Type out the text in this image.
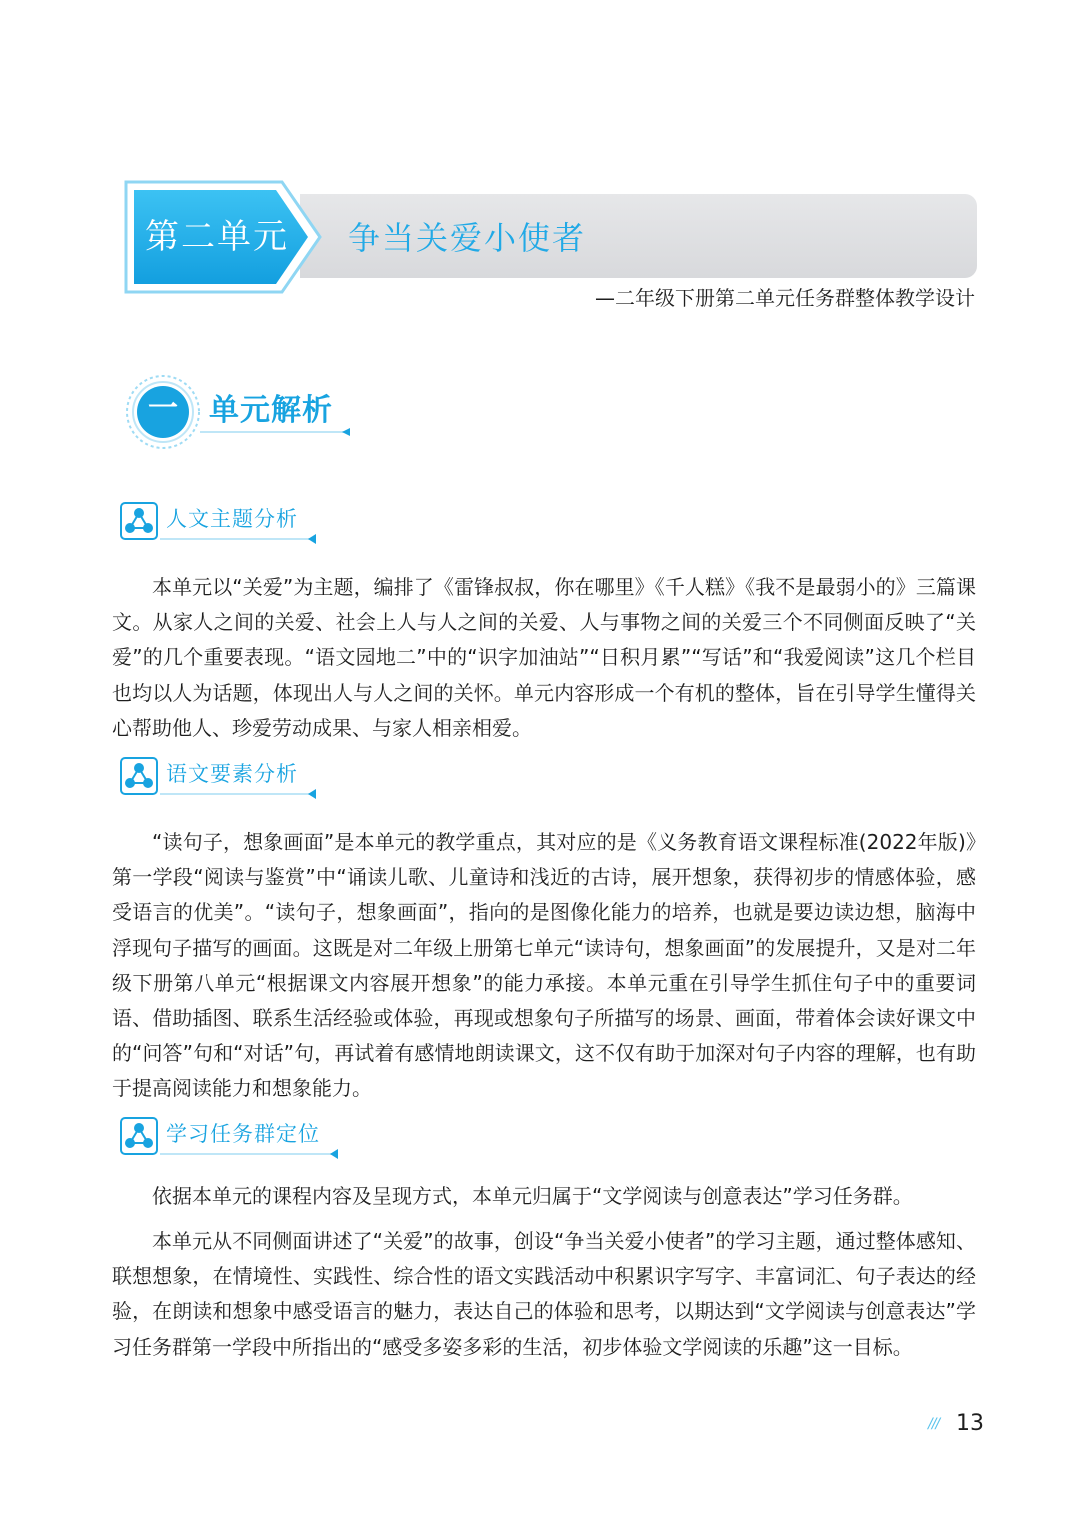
第二单元 争当关爱小使者
—二年级下册第二单元任务群整体教学设计
一	单元解析
人文主题分析

本单元以“关爱”为主题，编排了《雷锋叔叔，你在哪里》《千人糕》《我不是最弱小的》三篇课文。从家人之间的关爱、社会上人与人之间的关爱、人与事物之间的关爱三个不同侧面反映了“关爱”的几个重要表现。“语文园地二”中的“识字加油站”“日积月累”“写话”和“我爱阅读”这几个栏目也均以人为话题，体现出人与人之间的关怀。单元内容形成一个有机的整体，旨在引导学生懂得关心帮助他人、珍爱劳动成果、与家人相亲相爱。

语文要素分析

“读句子，想象画面”是本单元的教学重点，其对应的是《义务教育语文课程标准(2022年版)》第一学段“阅读与鉴赏”中“诵读儿歌、儿童诗和浅近的古诗，展开想象，获得初步的情感体验，感受语言的优美”。“读句子，想象画面”，指向的是图像化能力的培养，也就是要边读边想，脑海中浮现句子描写的画面。这既是对二年级上册第七单元“读诗句，想象画面”的发展提升，又是对二年级下册第八单元“根据课文内容展开想象”的能力承接。本单元重在引导学生抓住句子中的重要词语、借助插图、联系生活经验或体验，再现或想象句子所描写的场景、画面，带着体会读好课文中的“问答”句和“对话”句，再试着有感情地朗读课文，这不仅有助于加深对句子内容的理解，也有助于提高阅读能力和想象能力。

学习任务群定位

依据本单元的课程内容及呈现方式，本单元归属于“文学阅读与创意表达”学习任务群。

本单元从不同侧面讲述了“关爱”的故事，创设“争当关爱小使者”的学习主题，通过整体感知、联想想象，在情境性、实践性、综合性的语文实践活动中积累识字写字、丰富词汇、句子表达的经验，在朗读和想象中感受语言的魅力，表达自己的体验和思考，以期达到“文学阅读与创意表达”学习任务群第一学段中所指出的“感受多姿多彩的生活，初步体验文学阅读的乐趣”这一目标。

/// 13
